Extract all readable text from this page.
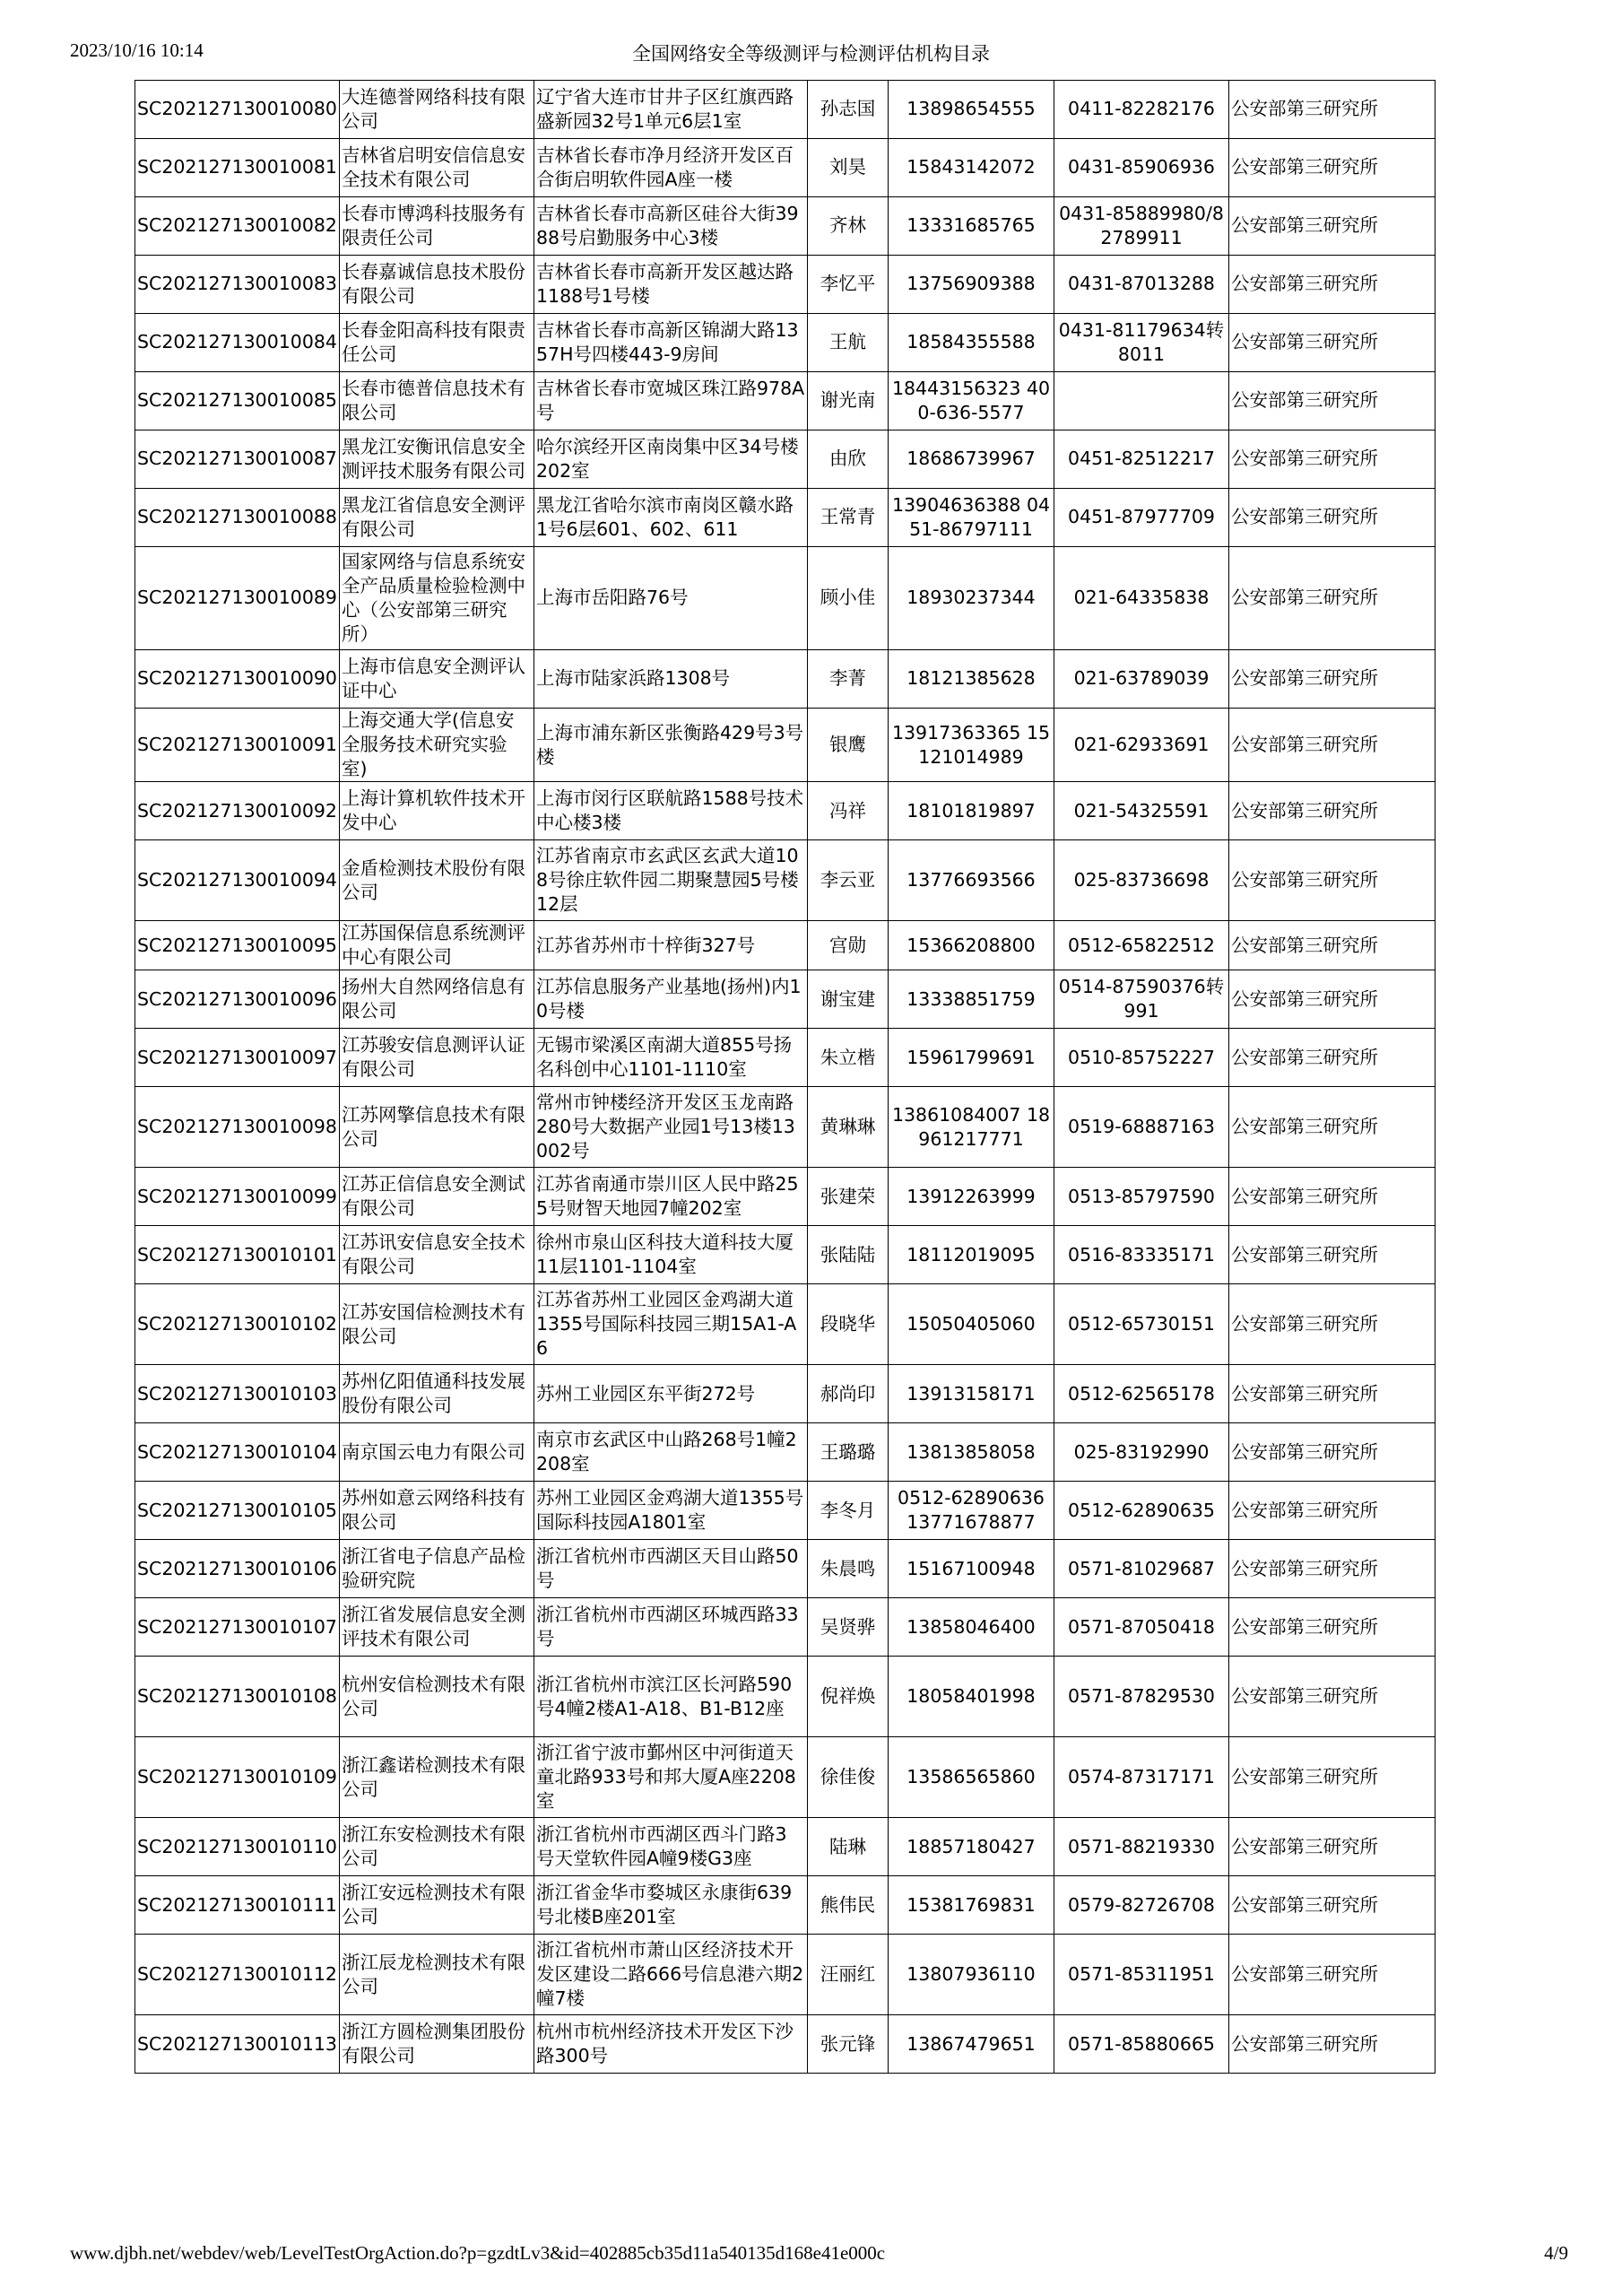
2023/10/16 10:14	全国网络安全等级测评与检测评估机构目录
SC202127130010080	大连德誉网络科技有限公司	辽宁省大连市甘井子区红旗西路盛新园32号1单元6层1室	孙志国	13898654555	0411-82282176	公安部第三研究所
SC202127130010081	吉林省启明安信信息安全技术有限公司	吉林省长春市净月经济开发区百合街启明软件园A座一楼	刘昊	15843142072	0431-85906936	公安部第三研究所
SC202127130010082	长春市博鸿科技服务有限责任公司	吉林省长春市高新区硅谷大街3988号启勤服务中心3楼	齐林	13331685765	0431-85889980/82789911	公安部第三研究所
SC202127130010083	长春嘉诚信息技术股份有限公司	吉林省长春市高新开发区越达路1188号1号楼	李忆平	13756909388	0431-87013288	公安部第三研究所
SC202127130010084	长春金阳高科技有限责任公司	吉林省长春市高新区锦湖大路1357H号四楼443-9房间	王航	18584355588	0431-81179634转8011	公安部第三研究所
SC202127130010085	长春市德普信息技术有限公司	吉林省长春市宽城区珠江路978A号	谢光南	18443156323 400-636-5577		公安部第三研究所
SC202127130010087	黑龙江安衡讯信息安全测评技术服务有限公司	哈尔滨经开区南岗集中区34号楼202室	由欣	18686739967	0451-82512217	公安部第三研究所
SC202127130010088	黑龙江省信息安全测评有限公司	黑龙江省哈尔滨市南岗区赣水路1号6层601、602、611	王常青	13904636388 0451-86797111	0451-87977709	公安部第三研究所
SC202127130010089	国家网络与信息系统安全产品质量检验检测中心（公安部第三研究所）	上海市岳阳路76号	顾小佳	18930237344	021-64335838	公安部第三研究所
SC202127130010090	上海市信息安全测评认证中心	上海市陆家浜路1308号	李菁	18121385628	021-63789039	公安部第三研究所
SC202127130010091	上海交通大学(信息安全服务技术研究实验室)	上海市浦东新区张衡路429号3号楼	银鹰	13917363365 15121014989	021-62933691	公安部第三研究所
SC202127130010092	上海计算机软件技术开发中心	上海市闵行区联航路1588号技术中心楼3楼	冯祥	18101819897	021-54325591	公安部第三研究所
SC202127130010094	金盾检测技术股份有限公司	江苏省南京市玄武区玄武大道108号徐庄软件园二期聚慧园5号楼12层	李云亚	13776693566	025-83736698	公安部第三研究所
SC202127130010095	江苏国保信息系统测评中心有限公司	江苏省苏州市十梓街327号	宫勋	15366208800	0512-65822512	公安部第三研究所
SC202127130010096	扬州大自然网络信息有限公司	江苏信息服务产业基地(扬州)内10号楼	谢宝建	13338851759	0514-87590376转991	公安部第三研究所
SC202127130010097	江苏骏安信息测评认证有限公司	无锡市梁溪区南湖大道855号扬名科创中心1101-1110室	朱立楷	15961799691	0510-85752227	公安部第三研究所
SC202127130010098	江苏网擎信息技术有限公司	常州市钟楼经济开发区玉龙南路280号大数据产业园1号13楼13002号	黄琳琳	13861084007 18961217771	0519-68887163	公安部第三研究所
SC202127130010099	江苏正信信息安全测试有限公司	江苏省南通市崇川区人民中路255号财智天地园7幢202室	张建荣	13912263999	0513-85797590	公安部第三研究所
SC202127130010101	江苏讯安信息安全技术有限公司	徐州市泉山区科技大道科技大厦11层1101-1104室	张陆陆	18112019095	0516-83335171	公安部第三研究所
SC202127130010102	江苏安国信检测技术有限公司	江苏省苏州工业园区金鸡湖大道1355号国际科技园三期15A1-A6	段晓华	15050405060	0512-65730151	公安部第三研究所
SC202127130010103	苏州亿阳值通科技发展股份有限公司	苏州工业园区东平街272号	郝尚印	13913158171	0512-62565178	公安部第三研究所
SC202127130010104	南京国云电力有限公司	南京市玄武区中山路268号1幢2208室	王璐璐	13813858058	025-83192990	公安部第三研究所
SC202127130010105	苏州如意云网络科技有限公司	苏州工业园区金鸡湖大道1355号国际科技园A1801室	李冬月	0512-62890636 13771678877	0512-62890635	公安部第三研究所
SC202127130010106	浙江省电子信息产品检验研究院	浙江省杭州市西湖区天目山路50号	朱晨鸣	15167100948	0571-81029687	公安部第三研究所
SC202127130010107	浙江省发展信息安全测评技术有限公司	浙江省杭州市西湖区环城西路33号	吴贤骅	13858046400	0571-87050418	公安部第三研究所
SC202127130010108	杭州安信检测技术有限公司	浙江省杭州市滨江区长河路590号4幢2楼A1-A18、B1-B12座	倪祥焕	18058401998	0571-87829530	公安部第三研究所
SC202127130010109	浙江鑫诺检测技术有限公司	浙江省宁波市鄞州区中河街道天童北路933号和邦大厦A座2208室	徐佳俊	13586565860	0574-87317171	公安部第三研究所
SC202127130010110	浙江东安检测技术有限公司	浙江省杭州市西湖区西斗门路3号天堂软件园A幢9楼G3座	陆琳	18857180427	0571-88219330	公安部第三研究所
SC202127130010111	浙江安远检测技术有限公司	浙江省金华市婺城区永康街639号北楼B座201室	熊伟民	15381769831	0579-82726708	公安部第三研究所
SC202127130010112	浙江辰龙检测技术有限公司	浙江省杭州市萧山区经济技术开发区建设二路666号信息港六期2幢7楼	汪丽红	13807936110	0571-85311951	公安部第三研究所
SC202127130010113	浙江方圆检测集团股份有限公司	杭州市杭州经济技术开发区下沙路300号	张元锋	13867479651	0571-85880665	公安部第三研究所
www.djbh.net/webdev/web/LevelTestOrgAction.do?p=gzdtLv3&id=402885cb35d11a540135d168e41e000c	4/9
